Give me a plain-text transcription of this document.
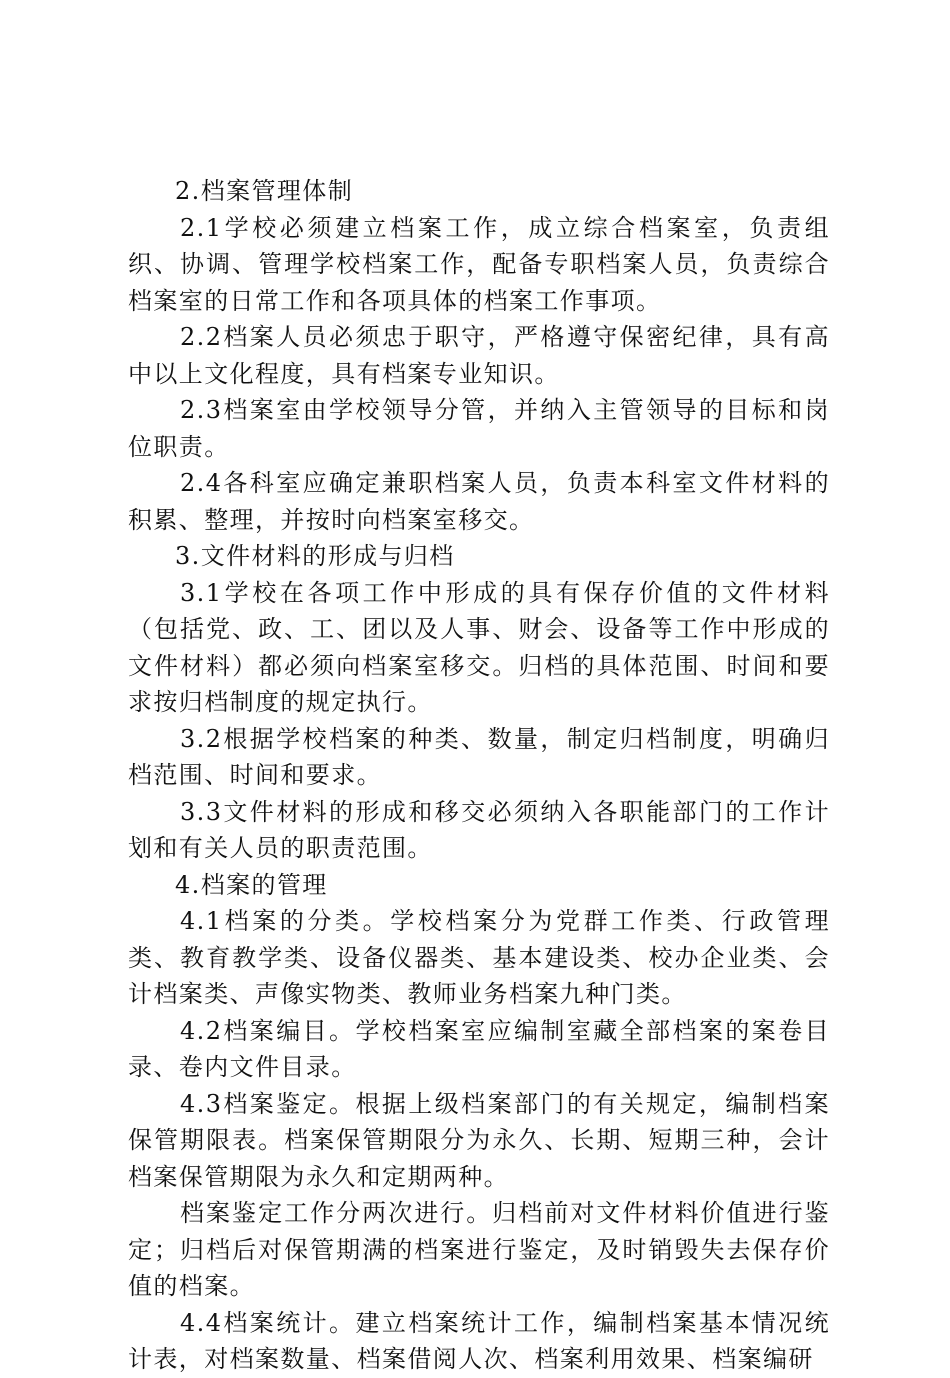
2.档案管理体制

2.1学校必须建立档案工作，成立综合档案室，负责组织、协调、管理学校档案工作，配备专职档案人员，负责综合档案室的日常工作和各项具体的档案工作事项。

2.2档案人员必须忠于职守，严格遵守保密纪律，具有高中以上文化程度，具有档案专业知识。

2.3档案室由学校领导分管，并纳入主管领导的目标和岗位职责。

2.4各科室应确定兼职档案人员，负责本科室文件材料的积累、整理，并按时向档案室移交。

3.文件材料的形成与归档

3.1学校在各项工作中形成的具有保存价值的文件材料（包括党、政、工、团以及人事、财会、设备等工作中形成的文件材料）都必须向档案室移交。归档的具体范围、时间和要求按归档制度的规定执行。

3.2根据学校档案的种类、数量，制定归档制度，明确归档范围、时间和要求。

3.3文件材料的形成和移交必须纳入各职能部门的工作计划和有关人员的职责范围。

4.档案的管理

4.1档案的分类。学校档案分为党群工作类、行政管理类、教育教学类、设备仪器类、基本建设类、校办企业类、会计档案类、声像实物类、教师业务档案九种门类。

4.2档案编目。学校档案室应编制室藏全部档案的案卷目录、卷内文件目录。

4.3档案鉴定。根据上级档案部门的有关规定，编制档案保管期限表。档案保管期限分为永久、长期、短期三种，会计档案保管期限为永久和定期两种。

档案鉴定工作分两次进行。归档前对文件材料价值进行鉴定；归档后对保管期满的档案进行鉴定，及时销毁失去保存价值的档案。

4.4档案统计。建立档案统计工作，编制档案基本情况统计表，对档案数量、档案借阅人次、档案利用效果、档案编研
